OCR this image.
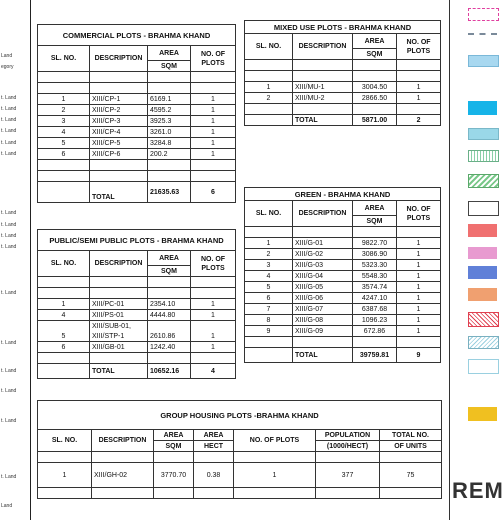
Land
egory
t. Land
t. Land
t. Land
t. Land
t. Land
t. Land
t. Land
t. Land
t. Land
t. Land
t. Land
t. Land
t. Land
t. Land
t. Land
t. Land
Land
COMMERCIAL PLOTS - BRAHMA KHAND			
SL. NO.	DESCRIPTION	AREA	NO. OF PLOTS
		SQM	

1	XIII/CP-1	6169.1	1
2	XIII/CP-2	4595.2	1
3	XIII/CP-3	3925.3	1
4	XIII/CP-4	3261.0	1
5	XIII/CP-5	3284.8	1
6	XIII/CP-6	200.2	1

	TOTAL	21635.63	6
MIXED USE PLOTS - BRAHMA KHAND			
SL. NO.	DESCRIPTION	AREA	NO. OF PLOTS
		SQM	

1	XIII/MU-1	3004.50	1
2	XIII/MU-2	2866.50	1

	TOTAL	5871.00	2
PUBLIC/SEMI PUBLIC PLOTS - BRAHMA KHAND			
SL. NO.	DESCRIPTION	AREA	NO. OF PLOTS
		SQM	

1	XIII/PC-01	2354.10	1
4	XIII/PS-01	4444.80	1
	XIII/SUB-01,		
5	XIII/STP-1	2610.86	1
6	XIII/GB-01	1242.40	1

	TOTAL	10652.16	4
GREEN - BRAHMA KHAND			
SL. NO.	DESCRIPTION	AREA	NO. OF PLOTS
		SQM	

1	XIII/G-01	9822.70	1
2	XIII/G-02	3086.90	1
3	XIII/G-03	5323.30	1
4	XIII/G-04	5548.30	1
5	XIII/G-05	3574.74	1
6	XIII/G-06	4247.10	1
7	XIII/G-07	6387.68	1
8	XIII/G-08	1096.23	1
9	XIII/G-09	672.86	1

	TOTAL	39759.81	9
GROUP HOUSING PLOTS -BRAHMA KHAND						
SL. NO.	DESCRIPTION	AREA	AREA	NO. OF PLOTS	POPULATION	TOTAL NO.
		SQM	HECT		(1000/HECT)	OF UNITS

1	XIII/GH-02	3770.70	0.38	1	377	75

REM
